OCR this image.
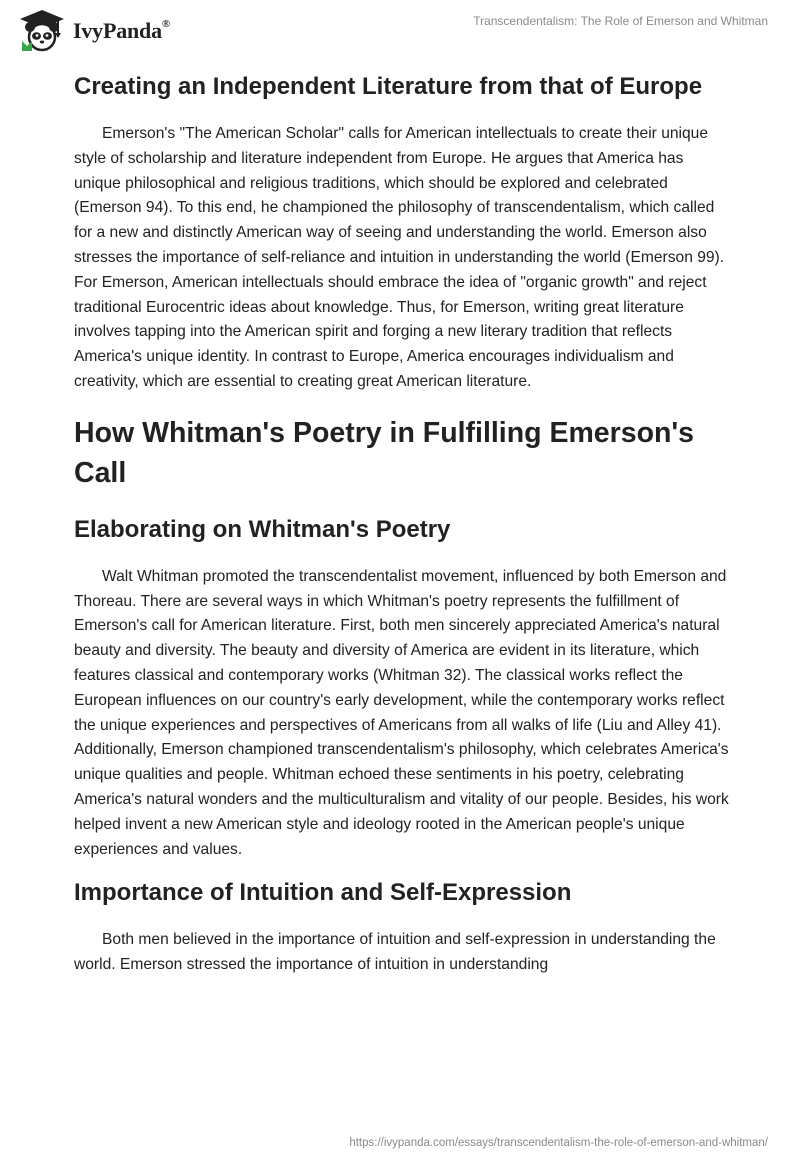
IvyPanda®	Transcendentalism: The Role of Emerson and Whitman
Creating an Independent Literature from that of Europe

Emerson's "The American Scholar" calls for American intellectuals to create their unique style of scholarship and literature independent from Europe. He argues that America has unique philosophical and religious traditions, which should be explored and celebrated (Emerson 94). To this end, he championed the philosophy of transcendentalism, which called for a new and distinctly American way of seeing and understanding the world. Emerson also stresses the importance of self-reliance and intuition in understanding the world (Emerson 99). For Emerson, American intellectuals should embrace the idea of "organic growth" and reject traditional Eurocentric ideas about knowledge. Thus, for Emerson, writing great literature involves tapping into the American spirit and forging a new literary tradition that reflects America's unique identity. In contrast to Europe, America encourages individualism and creativity, which are essential to creating great American literature.

How Whitman's Poetry in Fulfilling Emerson's Call
Elaborating on Whitman's Poetry

Walt Whitman promoted the transcendentalist movement, influenced by both Emerson and Thoreau. There are several ways in which Whitman's poetry represents the fulfillment of Emerson's call for American literature. First, both men sincerely appreciated America's natural beauty and diversity. The beauty and diversity of America are evident in its literature, which features classical and contemporary works (Whitman 32). The classical works reflect the European influences on our country's early development, while the contemporary works reflect the unique experiences and perspectives of Americans from all walks of life (Liu and Alley 41). Additionally, Emerson championed transcendentalism's philosophy, which celebrates America's unique qualities and people. Whitman echoed these sentiments in his poetry, celebrating America's natural wonders and the multiculturalism and vitality of our people. Besides, his work helped invent a new American style and ideology rooted in the American people's unique experiences and values.

Importance of Intuition and Self-Expression

Both men believed in the importance of intuition and self-expression in understanding the world. Emerson stressed the importance of intuition in understanding

https://ivypanda.com/essays/transcendentalism-the-role-of-emerson-and-whitman/
